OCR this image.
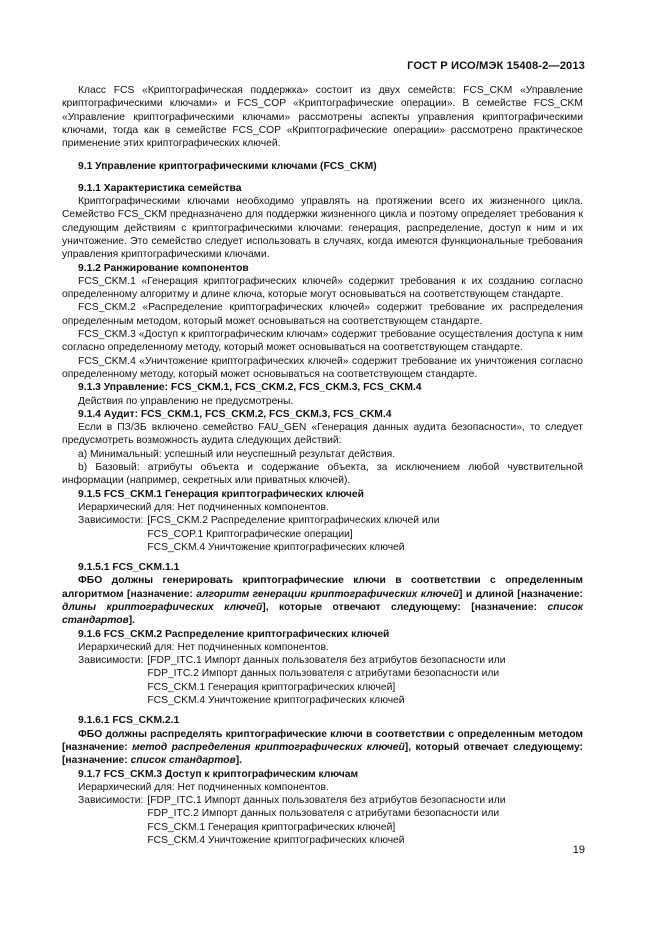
ГОСТ Р ИСО/МЭК 15408-2—2013

Класс FCS «Криптографическая поддержка» состоит из двух семейств: FCS_CKM «Управление криптографическими ключами» и FCS_COP «Криптографические операции». В семействе FCS_CKM «Управление криптографическими ключами» рассмотрены аспекты управления криптографическими ключами, тогда как в семействе FCS_COP «Криптографические операции» рассмотрено практическое применение этих криптографических ключей.

9.1 Управление криптографическими ключами (FCS_CKM)

9.1.1 Характеристика семейства

Криптографическими ключами необходимо управлять на протяжении всего их жизненного цикла. Семейство FCS_CKM предназначено для поддержки жизненного цикла и поэтому определяет требования к следующим действиям с криптографическими ключами: генерация, распределение, доступ к ним и их уничтожение. Это семейство следует использовать в случаях, когда имеются функциональные требования управления криптографическими ключами.

9.1.2 Ранжирование компонентов

FCS_CKM.1 «Генерация криптографических ключей» содержит требования к их созданию согласно определенному алгоритму и длине ключа, которые могут основываться на соответствующем стандарте.

FCS_CKM.2 «Распределение криптографических ключей» содержит требование их распределения определенным методом, который может основываться на соответствующем стандарте.

FCS_CKM.3 «Доступ к криптографическим ключам» содержит требование осуществления доступа к ним согласно определенному методу, который может основываться на соответствующем стандарте.

FCS_CKM.4 «Уничтожение криптографических ключей» содержит требование их уничтожения согласно определенному методу, который может основываться на соответствующем стандарте.

9.1.3 Управление: FCS_CKM.1, FCS_CKM.2, FCS_CKM.3, FCS_CKM.4

Действия по управлению не предусмотрены.

9.1.4 Аудит: FCS_CKM.1, FCS_CKM.2, FCS_CKM.3, FCS_CKM.4

Если в ПЗ/ЗБ включено семейство FAU_GEN «Генерация данных аудита безопасности», то следует предусмотреть возможность аудита следующих действий:

a) Минимальный: успешный или неуспешный результат действия.

b) Базовый: атрибуты объекта и содержание объекта, за исключением любой чувствительной информации (например, секретных или приватных ключей).

9.1.5 FCS_CKM.1 Генерация криптографических ключей

Иерархический для: Нет подчиненных компонентов.

Зависимости: [FCS_CKM.2 Распределение криптографических ключей или
FCS_COP.1 Криптографические операции]
FCS_CKM.4 Уничтожение криптографических ключей

9.1.5.1 FCS_CKM.1.1

ФБО должны генерировать криптографические ключи в соответствии с определенным алгоритмом [назначение: алгоритм генерации криптографических ключей] и длиной [назначение: длины криптографических ключей], которые отвечают следующему: [назначение: список стандартов].

9.1.6 FCS_CKM.2 Распределение криптографических ключей

Иерархический для: Нет подчиненных компонентов.

Зависимости: [FDP_ITC.1 Импорт данных пользователя без атрибутов безопасности или
FDP_ITC.2 Импорт данных пользователя с атрибутами безопасности или
FCS_CKM.1 Генерация криптографических ключей]
FCS_CKM.4 Уничтожение криптографических ключей

9.1.6.1 FCS_CKM.2.1

ФБО должны распределять криптографические ключи в соответствии с определенным методом [назначение: метод распределения криптографических ключей], который отвечает следующему: [назначение: список стандартов].

9.1.7 FCS_CKM.3 Доступ к криптографическим ключам

Иерархический для: Нет подчиненных компонентов.

Зависимости: [FDP_ITC.1 Импорт данных пользователя без атрибутов безопасности или
FDP_ITC.2 Импорт данных пользователя с атрибутами безопасности или
FCS_CKM.1 Генерация криптографических ключей]
FCS_CKM.4 Уничтожение криптографических ключей
19
